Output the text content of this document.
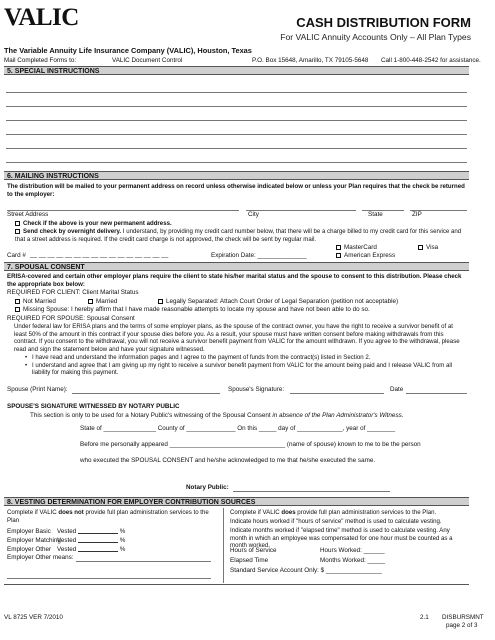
VALIC	CASH DISTRIBUTION FORM
For VALIC Annuity Accounts Only – All Plan Types
The Variable Annuity Life Insurance Company (VALIC), Houston, Texas
Mail Completed Forms to:	VALIC Document Control	P.O. Box 15648, Amarillo, TX 79105-5648 Call 1-800-448-2542 for assistance.
5. SPECIAL INSTRUCTIONS
6. MAILING INSTRUCTIONS
The distribution will be mailed to your permanent address on record unless otherwise indicated below or unless your Plan requires that the check be returned to the employer:
Street Address	City	State	ZIP
Check if the above is your new permanent address.
Send check by overnight delivery. I understand, by providing my credit card number below, that there will be a charge billed to my credit card for this service and that a street address is required. If the credit card charge is not approved, the check will be sent by regular mail.
MasterCard	Visa
Card # __ __ __ __ __ __ __ __ __ __ __ __ __ __ __ __	Expiration Date: ______________	American Express
7. SPOUSAL CONSENT
ERISA-covered and certain other employer plans require the client to state his/her marital status and the spouse to consent to this distribution. Please check the appropriate box below:
REQUIRED FOR CLIENT: Client Marital Status
Not Married	Married	Legally Separated: Attach Court Order of Legal Separation (petition not acceptable)
Missing Spouse: I hereby affirm that I have made reasonable attempts to locate my spouse and have not been able to do so.
REQUIRED FOR SPOUSE: Spousal Consent
Under federal law for ERISA plans and the terms of some employer plans, as the spouse of the contract owner, you have the right to receive a survivor benefit of at least 50% of the amount in this contract if your spouse dies before you. As a result, your spouse must have written consent before making withdrawals from this contract. If you consent to the withdrawal, you will not receive a survivor benefit payment from VALIC for the amount withdrawn. If you agree to the withdrawal, please read and sign the statement below and have your signature witnessed.
• I have read and understand the information pages and I agree to the payment of funds from the contract(s) listed in Section 2.
• I understand and agree that I am giving up my right to receive a survivor benefit payment from VALIC for the amount being paid and I release VALIC from all liability for making this payment.
Spouse (Print Name):	Spouse's Signature:	Date
SPOUSE'S SIGNATURE WITNESSED BY NOTARY PUBLIC
This section is only to be used for a Notary Public's witnessing of the Spousal Consent in absence of the Plan Administrator's Witness.
State of _______________ County of ______________ On this _____ day of _____________, year of ________
Before me personally appeared _________________________________ (name of spouse) known to me to be the person
who executed the SPOUSAL CONSENT and he/she acknowledged to me that he/she executed the same.
Notary Public:
8. VESTING DETERMINATION FOR EMPLOYER CONTRIBUTION SOURCES
Complete if VALIC does not provide full plan administration services to the Plan
Employer Basic Vested	%
Employer MatchingVested	%
Employer Other Vested	%
Employer Other means:
Complete if VALIC does provide full plan administration services to the Plan.
Indicate hours worked if "hours of service" method is used to calculate vesting.
Indicate months worked if "elapsed time" method is used to calculate vesting. Any month in which an employee was compensated for one hour must be counted as a month worked.
Hours of Service	Hours Worked: ______
Elapsed Time	Months Worked: _____
Standard Service Account Only: $ ________________
VL 8725 VER 7/2010	2.1 DISBURSMNT
page 2 of 3
